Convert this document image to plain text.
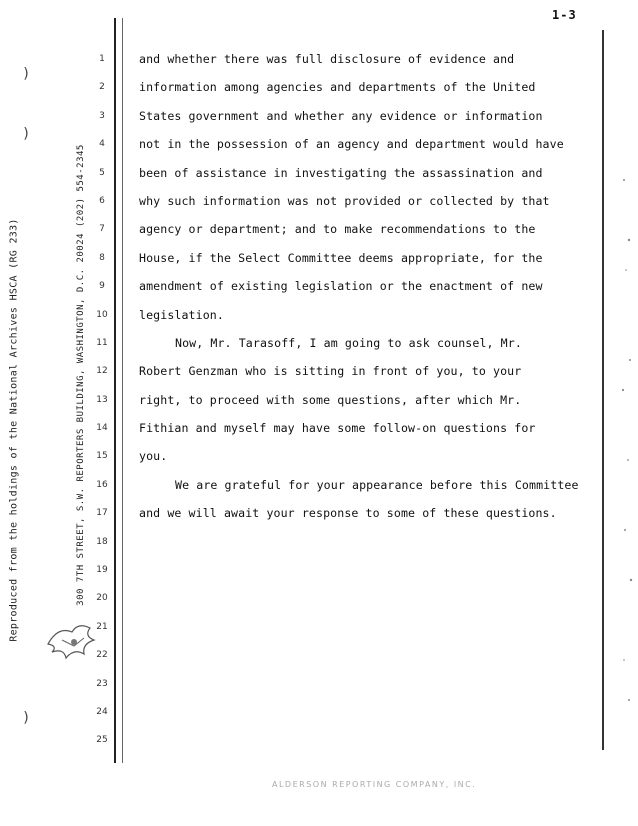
1-3
Reproduced from the holdings of the National Archives HSCA (RG 233)	300 7TH STREET, S.W. REPORTERS BUILDING, WASHINGTON, D.C. 20024 (202) 554-2345
1
2
3
4
5
6
7
8
9
10
11
12
13
14
15
16
17
18
19
20
21
22
23
24
25
and whether there was full disclosure of evidence and
information among agencies and departments of the United
States government and whether any evidence or information
not in the possession of an agency and department would have
been of assistance in investigating the assassination and
why such information was not provided or collected by that
agency or department; and to make recommendations to the
House, if the Select Committee deems appropriate, for the
amendment of existing legislation or the enactment of new
legislation.
Now, Mr. Tarasoff, I am going to ask counsel, Mr.
Robert Genzman who is sitting in front of you, to your
right, to proceed with some questions, after which Mr.
Fithian and myself may have some follow-on questions for
you.
We are grateful for your appearance before this Committee
and we will await your response to some of these questions.
)
)
)
ALDERSON REPORTING COMPANY, INC.
